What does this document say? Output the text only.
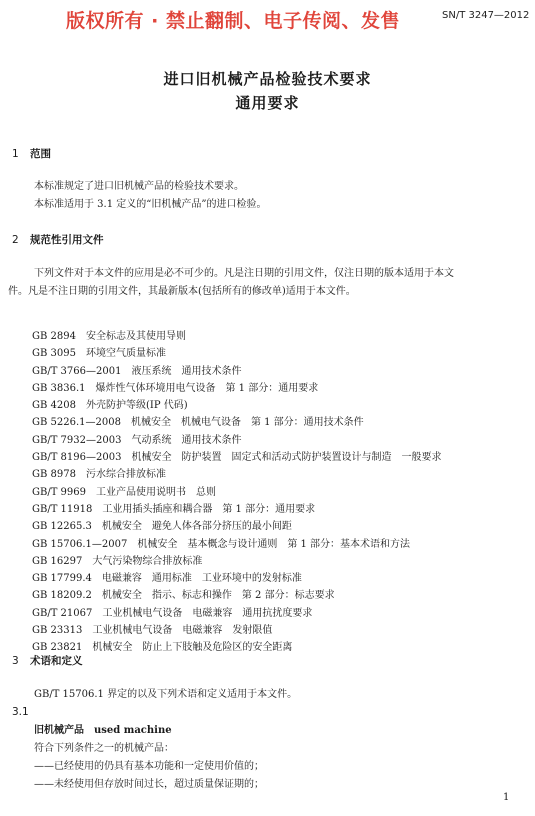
版权所有 · 禁止翻制、电子传阅、发售	SN/T 3247—2012
进口旧机械产品检验技术要求
通用要求
1 范围
本标准规定了进口旧机械产品的检验技术要求。
本标准适用于 3.1 定义的“旧机械产品”的进口检验。
2 规范性引用文件
下列文件对于本文件的应用是必不可少的。凡是注日期的引用文件，仅注日期的版本适用于本文
件。凡是不注日期的引用文件，其最新版本(包括所有的修改单)适用于本文件。
GB 2894　安全标志及其使用导则
GB 3095　环境空气质量标准
GB/T 3766—2001　液压系统　通用技术条件
GB 3836.1　爆炸性气体环境用电气设备　第 1 部分：通用要求
GB 4208　外壳防护等级(IP 代码)
GB 5226.1—2008　机械安全　机械电气设备　第 1 部分：通用技术条件
GB/T 7932—2003　气动系统　通用技术条件
GB/T 8196—2003　机械安全　防护装置　固定式和活动式防护装置设计与制造　一般要求
GB 8978　污水综合排放标准
GB/T 9969　工业产品使用说明书　总则
GB/T 11918　工业用插头插座和耦合器　第 1 部分：通用要求
GB 12265.3　机械安全　避免人体各部分挤压的最小间距
GB 15706.1—2007　机械安全　基本概念与设计通则　第 1 部分：基本术语和方法
GB 16297　大气污染物综合排放标准
GB 17799.4　电磁兼容　通用标准　工业环境中的发射标准
GB 18209.2　机械安全　指示、标志和操作　第 2 部分：标志要求
GB/T 21067　工业机械电气设备　电磁兼容　通用抗扰度要求
GB 23313　工业机械电气设备　电磁兼容　发射限值
GB 23821　机械安全　防止上下肢触及危险区的安全距离
3 术语和定义
GB/T 15706.1 界定的以及下列术语和定义适用于本文件。
3.1
旧机械产品 used machine
符合下列条件之一的机械产品：
——已经使用的仍具有基本功能和一定使用价值的；
——未经使用但存放时间过长，超过质量保证期的；
1
